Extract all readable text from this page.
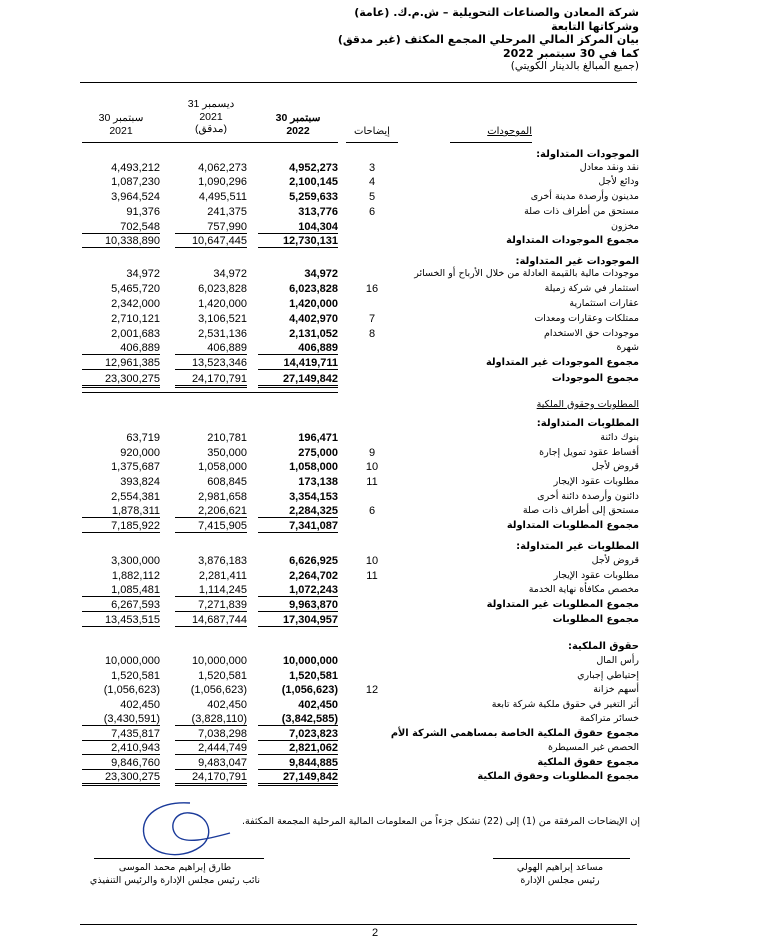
شركة المعادن والصناعات التحويلية – ش.م.ك. (عامة)
وشركاتها التابعة
بيان المركز المالي المرحلي المجمع المكثف (غير مدقق)
كما في 30 سبتمبر 2022
(جميع المبالغ بالدينار الكويتي)
30 سبتمبر
2021
31 ديسمبر
2021
(مدقق)
30 سبتمبر
2022	إيضاحات	الموجودات
الموجودات المتداولة:
نقد ونقد معادل
3
4,952,273
4,062,273
4,493,212
ودائع لأجل
4
2,100,145
1,090,296
1,087,230
مدينون وأرصدة مدينة أخرى
5
5,259,633
4,495,511
3,964,524
مستحق من أطراف ذات صلة
6
313,776
241,375
91,376
مخزون
104,304
757,990
702,548
مجموع الموجودات المتداولة
12,730,131
10,647,445
10,338,890
الموجودات غير المتداولة:
موجودات مالية بالقيمة العادلة من خلال الأرباح أو الخسائر
34,972
34,972
34,972
استثمار في شركة زميلة
16
6,023,828
6,023,828
5,465,720
عقارات استثمارية
1,420,000
1,420,000
2,342,000
ممتلكات وعقارات ومعدات
7
4,402,970
3,106,521
2,710,121
موجودات حق الاستخدام
8
2,131,052
2,531,136
2,001,683
شهرة
406,889
406,889
406,889
مجموع الموجودات غير المتداولة
14,419,711
13,523,346
12,961,385
مجموع الموجودات
27,149,842
24,170,791
23,300,275
المطلوبات وحقوق الملكية
المطلوبات المتداولة:
بنوك دائنة
196,471
210,781
63,719
أقساط عقود تمويل إجارة
9
275,000
350,000
920,000
قروض لأجل
10
1,058,000
1,058,000
1,375,687
مطلوبات عقود الإيجار
11
173,138
608,845
393,824
دائنون وأرصدة دائنة أخرى
3,354,153
2,981,658
2,554,381
مستحق إلى أطراف ذات صلة
6
2,284,325
2,206,621
1,878,311
مجموع المطلوبات المتداولة
7,341,087
7,415,905
7,185,922
المطلوبات غير المتداولة:
قروض لأجل
10
6,626,925
3,876,183
3,300,000
مطلوبات عقود الإيجار
11
2,264,702
2,281,411
1,882,112
مخصص مكافأة نهاية الخدمة
1,072,243
1,114,245
1,085,481
مجموع المطلوبات غير المتداولة
9,963,870
7,271,839
6,267,593
مجموع المطلوبات
17,304,957
14,687,744
13,453,515
حقوق الملكية:
رأس المال
10,000,000
10,000,000
10,000,000
إحتياطي إجباري
1,520,581
1,520,581
1,520,581
أسهم خزانة
12
(1,056,623)
(1,056,623)
(1,056,623)
أثر التغير في حقوق ملكية شركة تابعة
402,450
402,450
402,450
خسائر متراكمة
(3,842,585)
(3,828,110)
(3,430,591)
مجموع حقوق الملكية الخاصة بمساهمي الشركة الأم
7,023,823
7,038,298
7,435,817
الحصص غير المسيطرة
2,821,062
2,444,749
2,410,943
مجموع حقوق الملكية
9,844,885
9,483,047
9,846,760
مجموع المطلوبات وحقوق الملكية
27,149,842
24,170,791
23,300,275
إن الإيضاحات المرفقة من (1) إلى (22) تشكل جزءاً من المعلومات المالية المرحلية المجمعة المكثفة.
طارق إبراهيم محمد الموسى
نائب رئيس مجلس الإدارة والرئيس التنفيذي
مساعد إبراهيم الهولي
رئيس مجلس الإدارة
2
